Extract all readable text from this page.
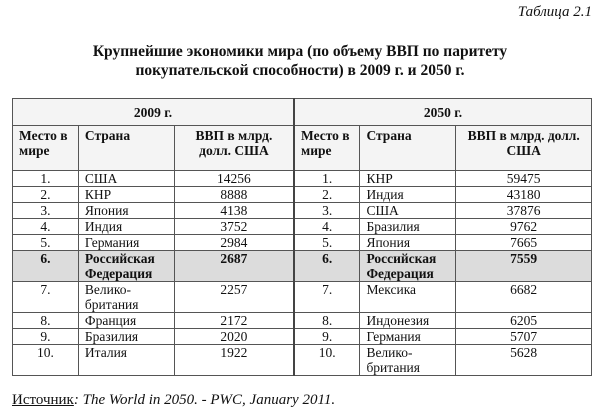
Таблица 2.1
Крупнейшие экономики мира (по объему ВВП по паритету
покупательской способности) в 2009 г. и 2050 г.
2009 г.			2050 г.		
Место в мире	Страна	ВВП в млрд. долл. США	Место в мире	Страна	ВВП в млрд. долл. США
1.	США	14256	1.	КНР	59475
2.	КНР	8888	2.	Индия	43180
3.	Япония	4138	3.	США	37876
4.	Индия	3752	4.	Бразилия	9762
5.	Германия	2984	5.	Япония	7665
6.	Российская Федерация	2687	6.	Российская Федерация	7559
7.	Велико-британия	2257	7.	Мексика	6682
8.	Франция	2172	8.	Индонезия	6205
9.	Бразилия	2020	9.	Германия	5707
10.	Италия	1922	10.	Велико-британия	5628
Источник: The World in 2050. - PWC, January 2011.
